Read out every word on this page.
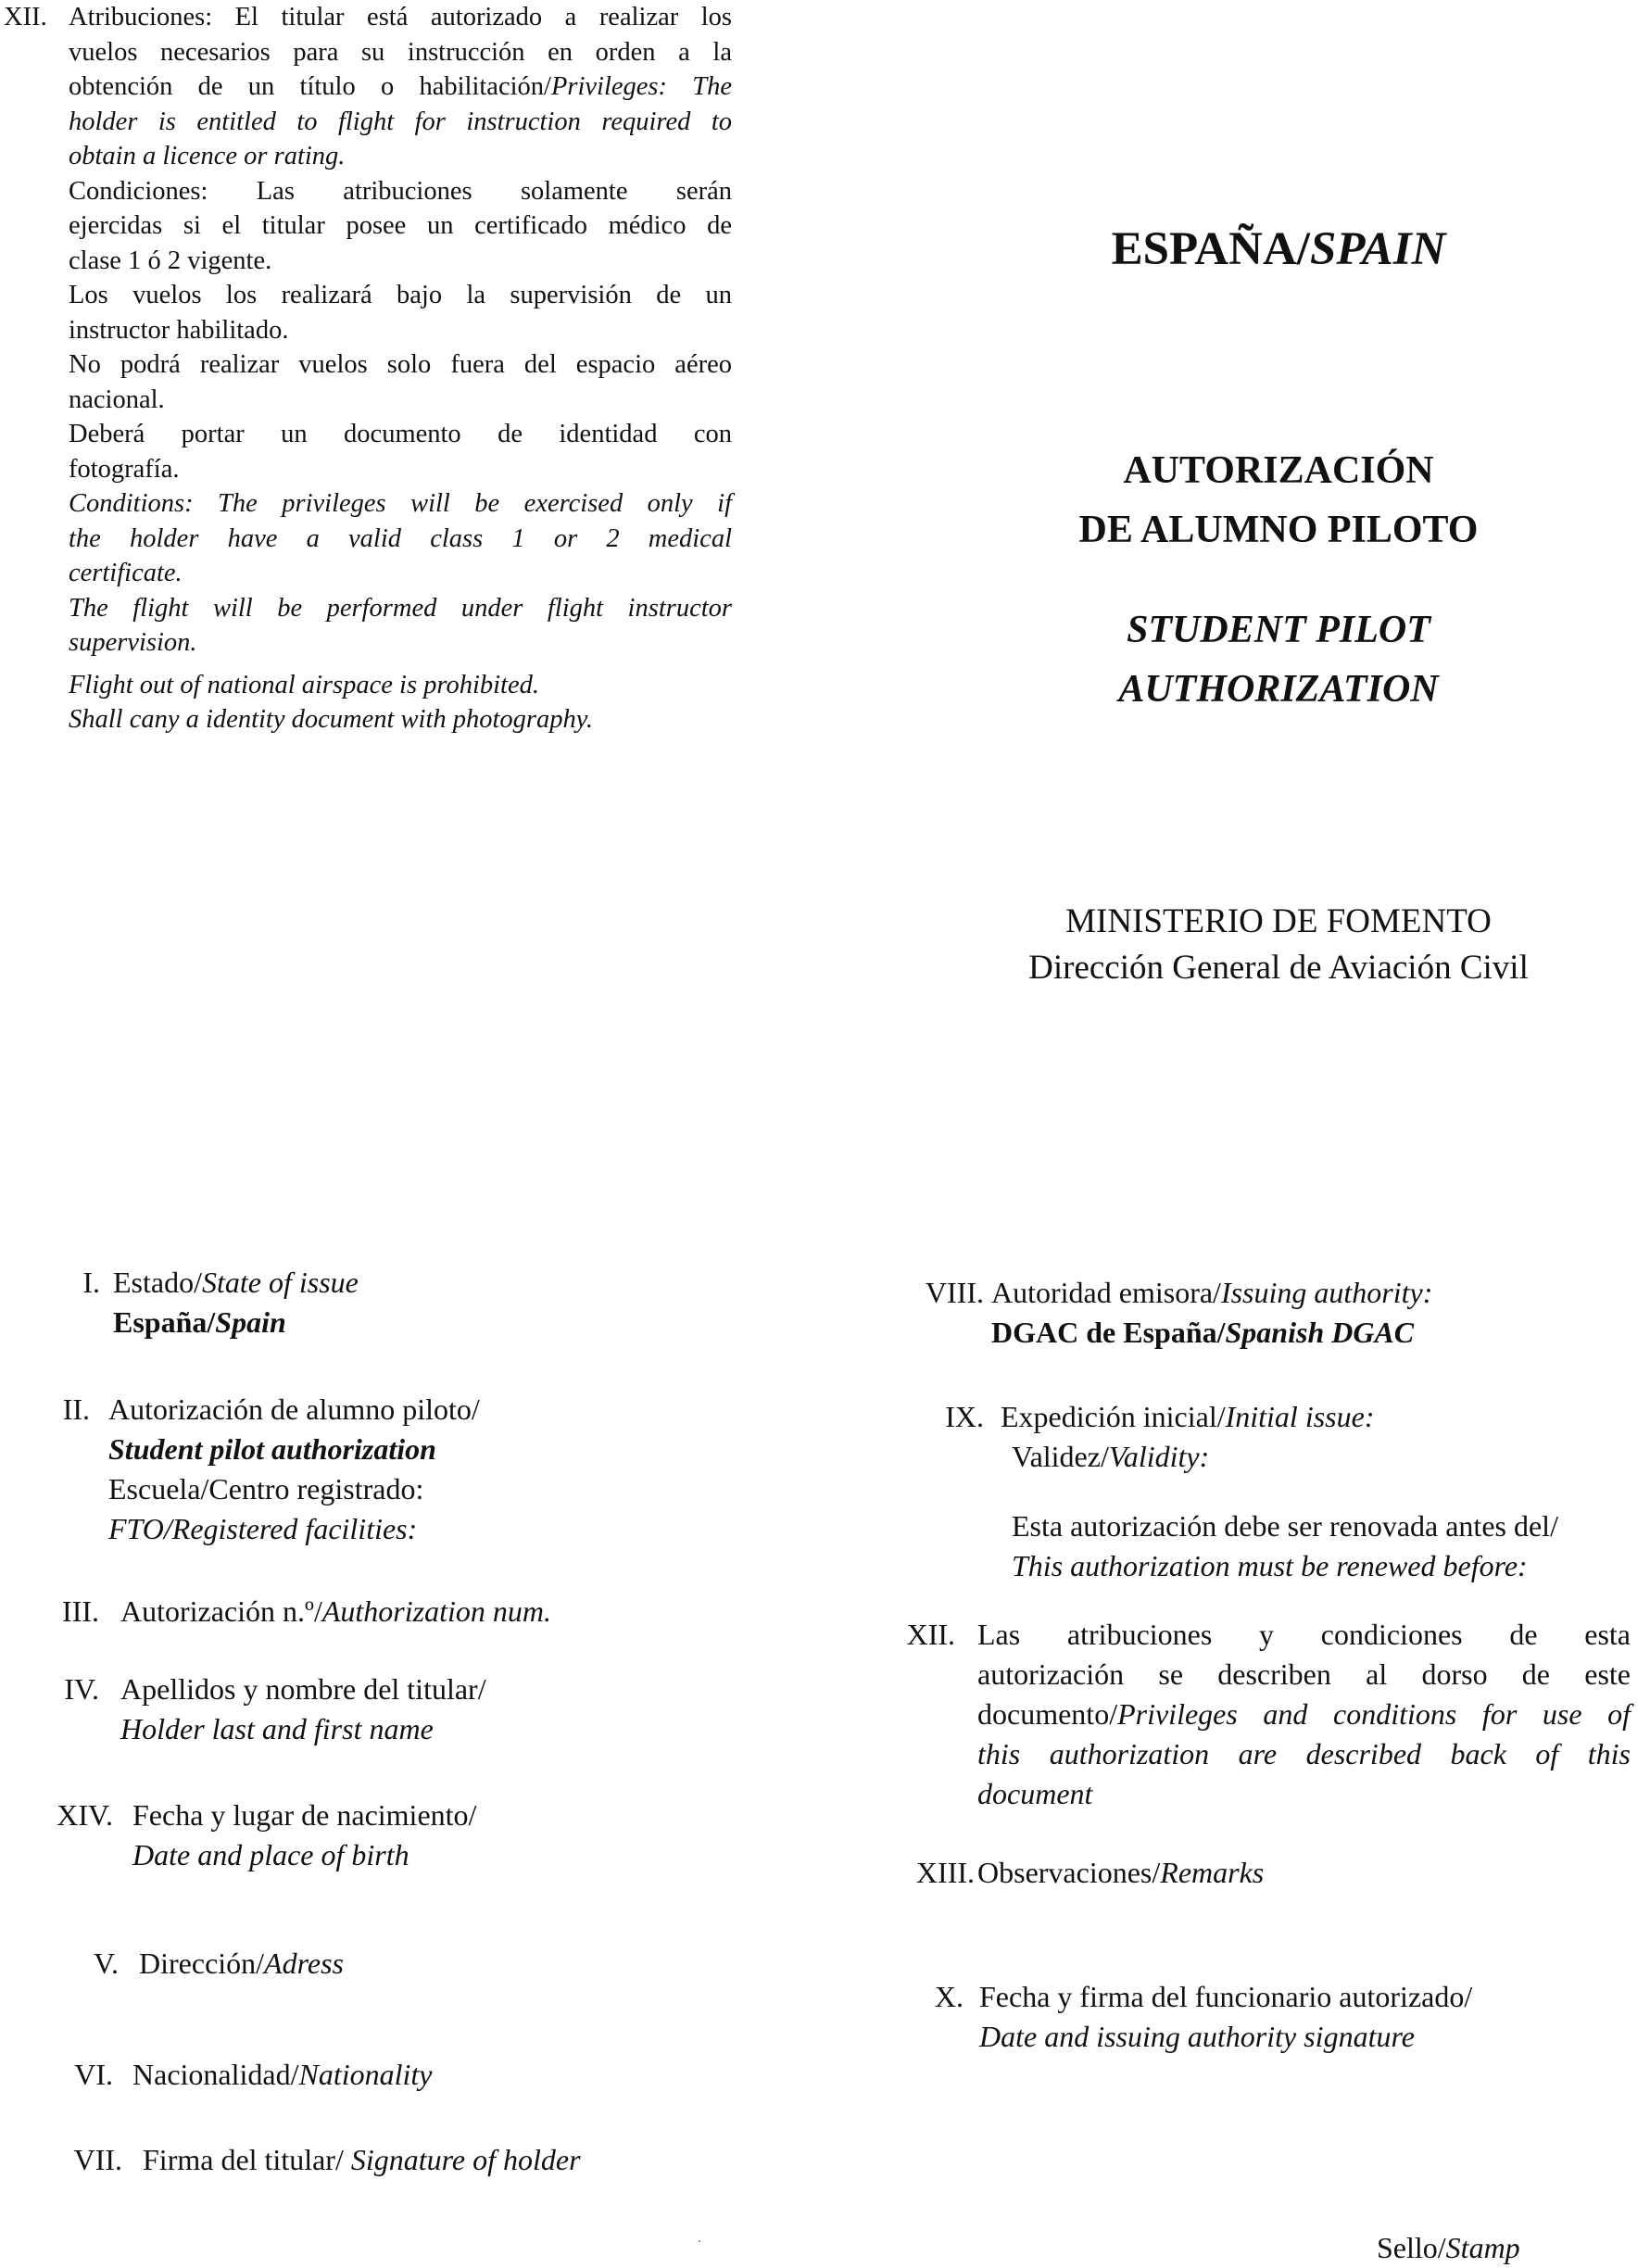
XII. Atribuciones: El titular está autorizado a realizar los
vuelos necesarios para su instrucción en orden a la
obtención de un título o habilitación/Privileges: The
holder is entitled to flight for instruction required to
obtain a licence or rating.
Condiciones: Las atribuciones solamente serán
ejercidas si el titular posee un certificado médico de
clase 1 ó 2 vigente.
Los vuelos los realizará bajo la supervisión de un
instructor habilitado.
No podrá realizar vuelos solo fuera del espacio aéreo
nacional.
Deberá portar un documento de identidad con
fotografía.
Conditions: The privileges will be exercised only if
the holder have a valid class 1 or 2 medical
certificate.
The flight will be performed under flight instructor
supervision.
Flight out of national airspace is prohibited.
Shall cany a identity document with photography.
ESPAÑA/SPAIN
AUTORIZACIÓN
DE ALUMNO PILOTO
STUDENT PILOT
AUTHORIZATION
MINISTERIO DE FOMENTO
Dirección General de Aviación Civil
I. Estado/State of issue
España/Spain
II. Autorización de alumno piloto/
Student pilot authorization
Escuela/Centro registrado:
FTO/Registered facilities:
III. Autorización n.º/Authorization num.
IV. Apellidos y nombre del titular/
Holder last and first name
XIV. Fecha y lugar de nacimiento/
Date and place of birth
V. Dirección/Adress
VI. Nacionalidad/Nationality
VII. Firma del titular/ Signature of holder
VIII. Autoridad emisora/Issuing authority:
DGAC de España/Spanish DGAC
IX. Expedición inicial/Initial issue:
Validez/Validity:
Esta autorización debe ser renovada antes del/
This authorization must be renewed before:
XII. Las atribuciones y condiciones de esta
autorización se describen al dorso de este
documento/Privileges and conditions for use of
this authorization are described back of this
document
XIII. Observaciones/Remarks
X. Fecha y firma del funcionario autorizado/
Date and issuing authority signature
Sello/Stamp
